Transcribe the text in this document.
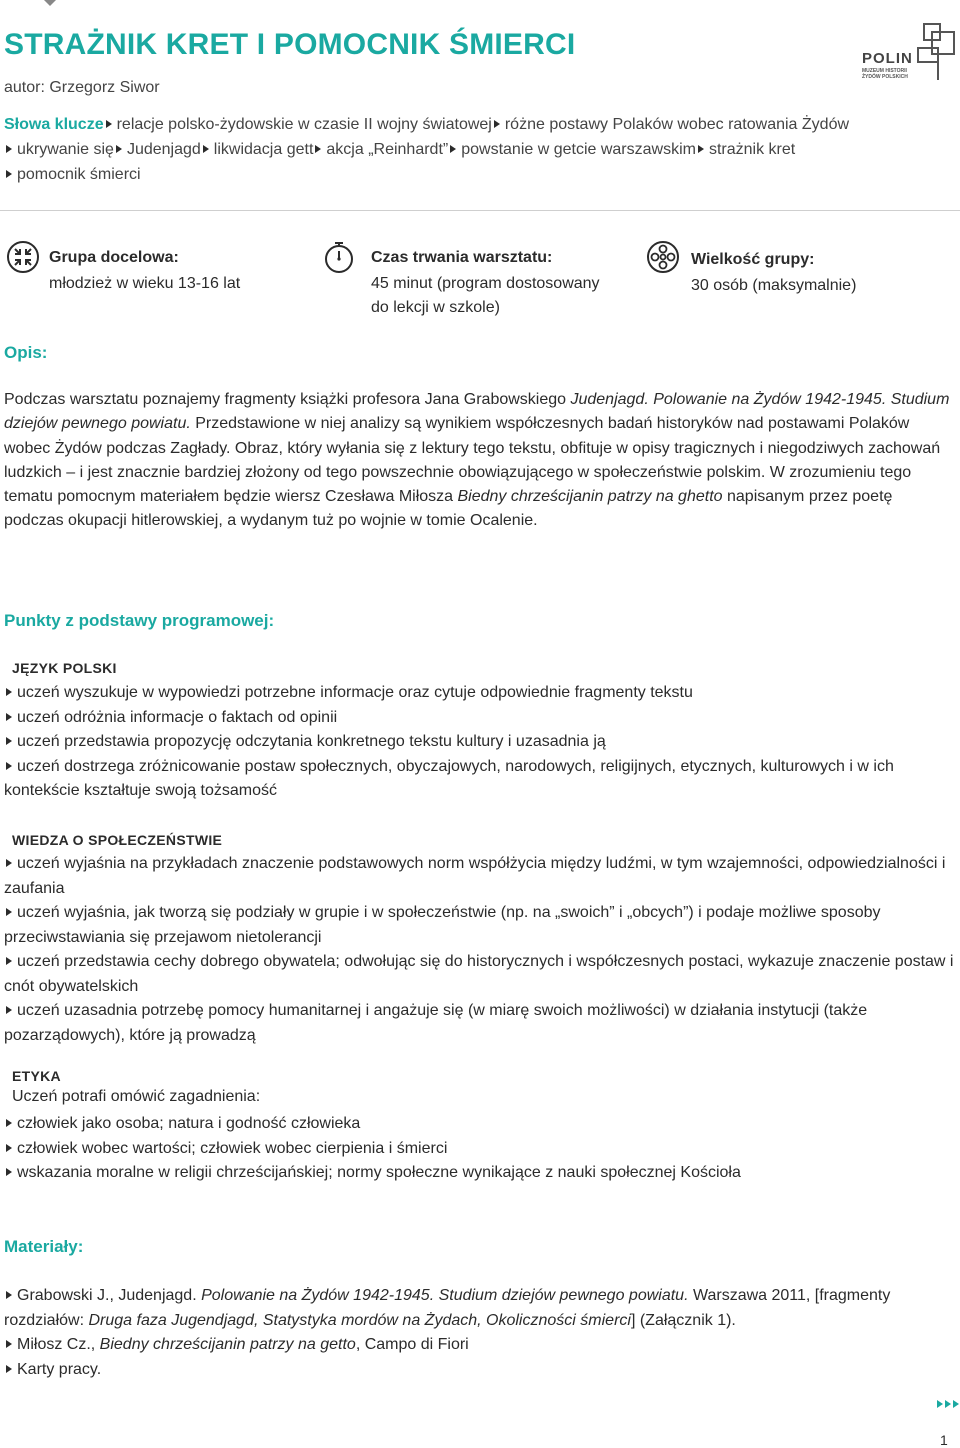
STRAŻNIK KRET I POMOCNIK ŚMIERCI
autor: Grzegorz Siwor
POLIN
MUZEUM HISTORII ŻYDÓW POLSKICH
Słowa klucze relacje polsko-żydowskie w czasie II wojny światowej różne postawy Polaków wobec ratowania Żydów
ukrywanie się Judenjagd likwidacja gett akcja „Reinhardt” powstanie w getcie warszawskim strażnik kret
pomocnik śmierci
Grupa docelowa:
młodzież w wieku 13-16 lat
Czas trwania warsztatu:
45 minut (program dostosowany
do lekcji w szkole)
Wielkość grupy:
30 osób (maksymalnie)
Opis:
Podczas warsztatu poznajemy fragmenty książki profesora Jana Grabowskiego Judenjagd. Polowanie na Żydów 1942-1945. Studium dziejów pewnego powiatu. Przedstawione w niej analizy są wynikiem współczesnych badań historyków nad postawami Polaków wobec Żydów podczas Zagłady. Obraz, który wyłania się z lektury tego tekstu, obfituje w opisy tragicznych i niegodziwych zachowań ludzkich – i jest znacznie bardziej złożony od tego powszechnie obowiązującego w społeczeństwie polskim. W zrozumieniu tego tematu pomocnym materiałem będzie wiersz Czesława Miłosza Biedny chrześcijanin patrzy na ghetto napisanym przez poetę podczas okupacji hitlerowskiej, a wydanym tuż po wojnie w tomie Ocalenie.
Punkty z podstawy programowej:
JĘZYK POLSKI
uczeń wyszukuje w wypowiedzi potrzebne informacje oraz cytuje odpowiednie fragmenty tekstu
uczeń odróżnia informacje o faktach od opinii
uczeń przedstawia propozycję odczytania konkretnego tekstu kultury i uzasadnia ją
uczeń dostrzega zróżnicowanie postaw społecznych, obyczajowych, narodowych, religijnych, etycznych, kulturowych i w ich kontekście kształtuje swoją tożsamość
WIEDZA O SPOŁECZEŃSTWIE
uczeń wyjaśnia na przykładach znaczenie podstawowych norm współżycia między ludźmi, w tym wzajemności, odpowiedzialności i zaufania
uczeń wyjaśnia, jak tworzą się podziały w grupie i w społeczeństwie (np. na „swoich” i „obcych”) i podaje możliwe sposoby przeciwstawiania się przejawom nietolerancji
uczeń przedstawia cechy dobrego obywatela; odwołując się do historycznych i współczesnych postaci, wykazuje znaczenie postaw i cnót obywatelskich
uczeń uzasadnia potrzebę pomocy humanitarnej i angażuje się (w miarę swoich możliwości) w działania instytucji (także pozarządowych), które ją prowadzą
ETYKA
Uczeń potrafi omówić zagadnienia:
człowiek jako osoba; natura i godność człowieka
człowiek wobec wartości; człowiek wobec cierpienia i śmierci
wskazania moralne w religii chrześcijańskiej; normy społeczne wynikające z nauki społecznej Kościoła
Materiały:
Grabowski J., Judenjagd. Polowanie na Żydów 1942-1945. Studium dziejów pewnego powiatu. Warszawa 2011, [fragmenty rozdziałów: Druga faza Jugendjagd, Statystyka mordów na Żydach, Okoliczności śmierci] (Załącznik 1).
Miłosz Cz., Biedny chrześcijanin patrzy na getto, Campo di Fiori
Karty pracy.
1
